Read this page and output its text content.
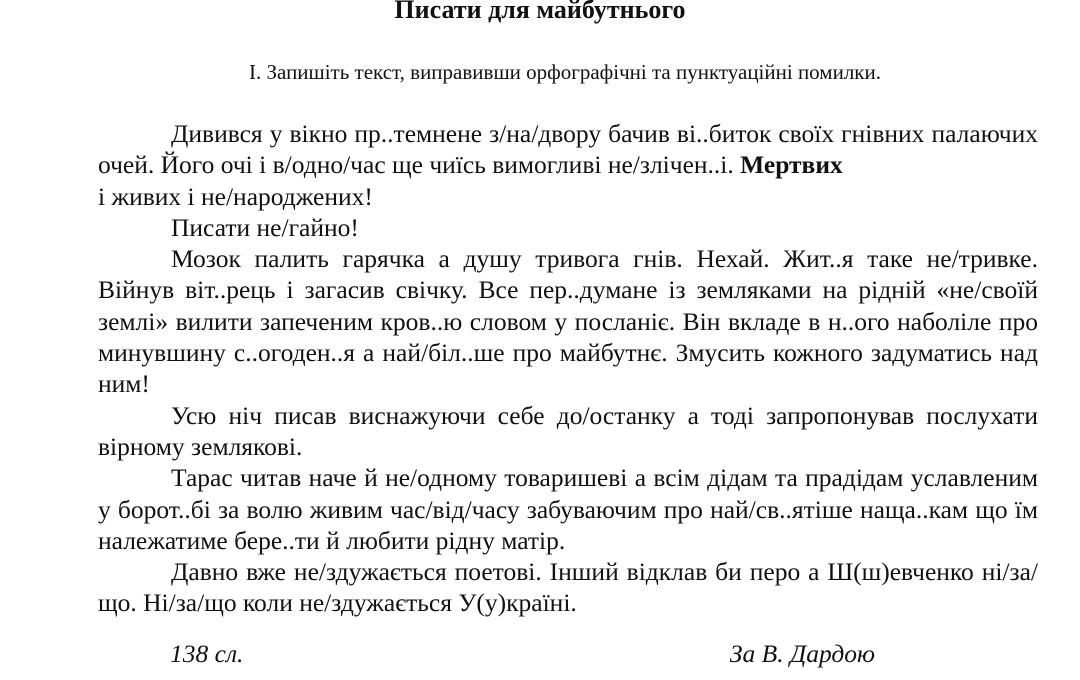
Писати для майбутнього
I. Запишіть текст, виправивши орфографічні та пунктуаційні помилки.

Дивився у вікно пр..темнене з/на/двору бачив ві..биток своїх гнівних палаючих очей. Його очі і в/одно/час ще чиїсь вимогливі не/злічен..і. Мертвих
і живих і не/народжених!

Писати не/гайно!

Мозок палить гарячка а душу тривога гнів. Нехай. Жит..я таке не/тривке. Війнув віт..рець і загасив свічку. Все пер..думане із земляками на рідній «не/своїй землі» вилити запеченим кров..ю словом у посланіє. Він вкладе в н..ого наболіле про минувшину с..огоден..я а най/біл..ше про майбутнє. Змусить кожного задуматись над ним!

Усю ніч писав виснажуючи себе до/останку а тоді запропонував послухати вірному землякові.

Тарас читав наче й не/одному товаришеві а всім дідам та прадідам уславленим у борот..бі за волю живим час/від/часу забуваючим про най/св..ятіше наща..кам що їм належатиме бере..ти й любити рідну матір.

Давно вже не/здужається поетові. Інший відклав би перо а Ш(ш)евченко ні/за/що. Ні/за/що коли не/здужається У(у)країні.

138 сл.	За В. Дардою
